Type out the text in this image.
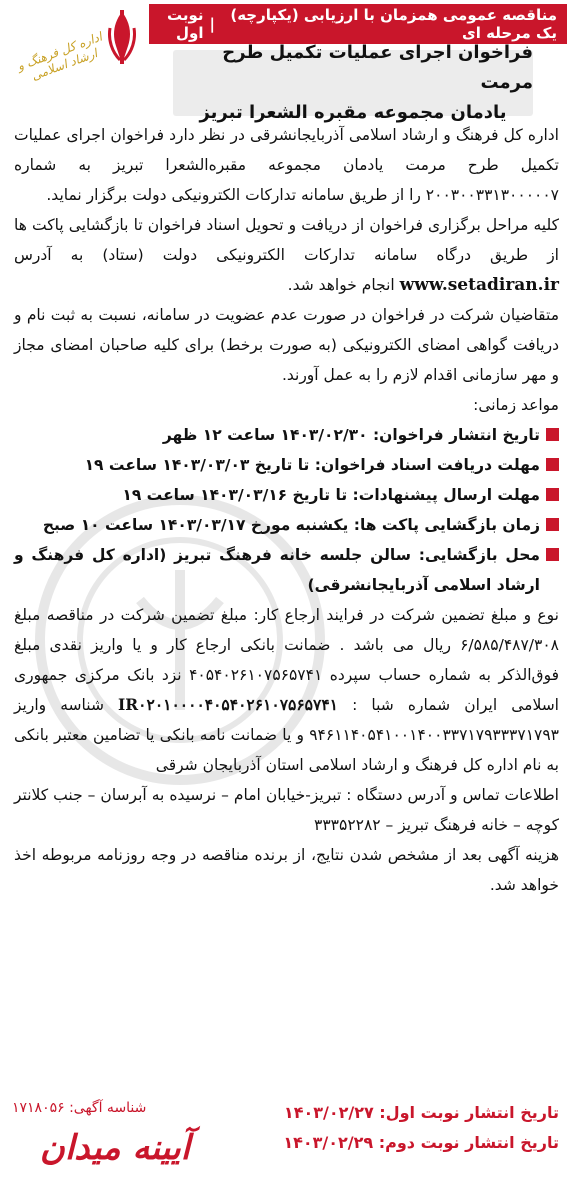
مناقصه عمومی همزمان با ارزیابی (یکپارچه) یک مرحله ای
|
نوبت اول
اداره کل فرهنگ و ارشاد اسلامی	فراخوان اجرای عملیات تکمیل طرح مرمت
یادمان مجموعه مقبره الشعرا تبریز

اداره کل فرهنگ و ارشاد اسلامی آذربایجانشرقی در نظر دارد فراخوان اجرای عملیات تکمیل طرح مرمت یادمان مجموعه مقبره‌الشعرا تبریز به شماره ۲۰۰۳۰۰۳۳۱۳۰۰۰۰۰۷ را از طریق سامانه تدارکات الکترونیکی دولت برگزار نماید.

کلیه مراحل برگزاری فراخوان از دریافت و تحویل اسناد فراخوان تا بازگشایی پاکت ها از طریق درگاه سامانه تدارکات الکترونیکی دولت (ستاد) به آدرس www.setadiran.ir انجام خواهد شد.

متقاضیان شرکت در فراخوان در صورت عدم عضویت در سامانه، نسبت به ثبت نام و دریافت گواهی امضای الکترونیکی (به صورت برخط) برای کلیه صاحبان امضای مجاز و مهر سازمانی اقدام لازم را به عمل آورند.

مواعد زمانی:

تاریخ انتشار فراخوان: ۱۴۰۳/۰۲/۳۰ ساعت ۱۲ ظهر
مهلت دریافت اسناد فراخوان: تا تاریخ ۱۴۰۳/۰۳/۰۳ ساعت ۱۹
مهلت ارسال پیشنهادات: تا تاریخ ۱۴۰۳/۰۳/۱۶ ساعت ۱۹
زمان بازگشایی پاکت ها: یکشنبه مورخ ۱۴۰۳/۰۳/۱۷ ساعت ۱۰ صبح
محل بازگشایی: سالن جلسه خانه فرهنگ تبریز (اداره کل فرهنگ و ارشاد اسلامی آذربایجانشرقی)

نوع و مبلغ تضمین شرکت در فرایند ارجاع کار: مبلغ تضمین شرکت در مناقصه مبلغ ۶/۵۸۵/۴۸۷/۳۰۸ ریال می باشد . ضمانت بانکی ارجاع کار و یا واریز نقدی مبلغ فوق‌الذکر به شماره حساب سپرده ۴۰۵۴۰۲۶۱۰۷۵۶۵۷۴۱ نزد بانک مرکزی جمهوری اسلامی ایران شماره شبا : IR۰۲۰۱۰۰۰۰۴۰۵۴۰۲۶۱۰۷۵۶۵۷۴۱ شناسه واریز ۹۴۶۱۱۴۰۵۴۱۰۰۱۴۰۰۳۳۷۱۷۹۳۳۳۷۱۷۹۳ و یا ضمانت نامه بانکی یا تضامین معتبر بانکی به نام اداره کل فرهنگ و ارشاد اسلامی استان آذربایجان شرقی

اطلاعات تماس و آدرس دستگاه : تبریز-خیابان امام – نرسیده به آبرسان – جنب کلانتر کوچه – خانه فرهنگ تبریز – ۳۳۳۵۲۲۸۲

هزینه آگهی بعد از مشخص شدن نتایج، از برنده مناقصه در وجه روزنامه مربوطه اخذ خواهد شد.

تاریخ انتشار نوبت اول: ۱۴۰۳/۰۲/۲۷
تاریخ انتشار نوبت دوم: ۱۴۰۳/۰۲/۲۹
شناسه آگهی: ۱۷۱۸۰۵۶
آیینه میدان
